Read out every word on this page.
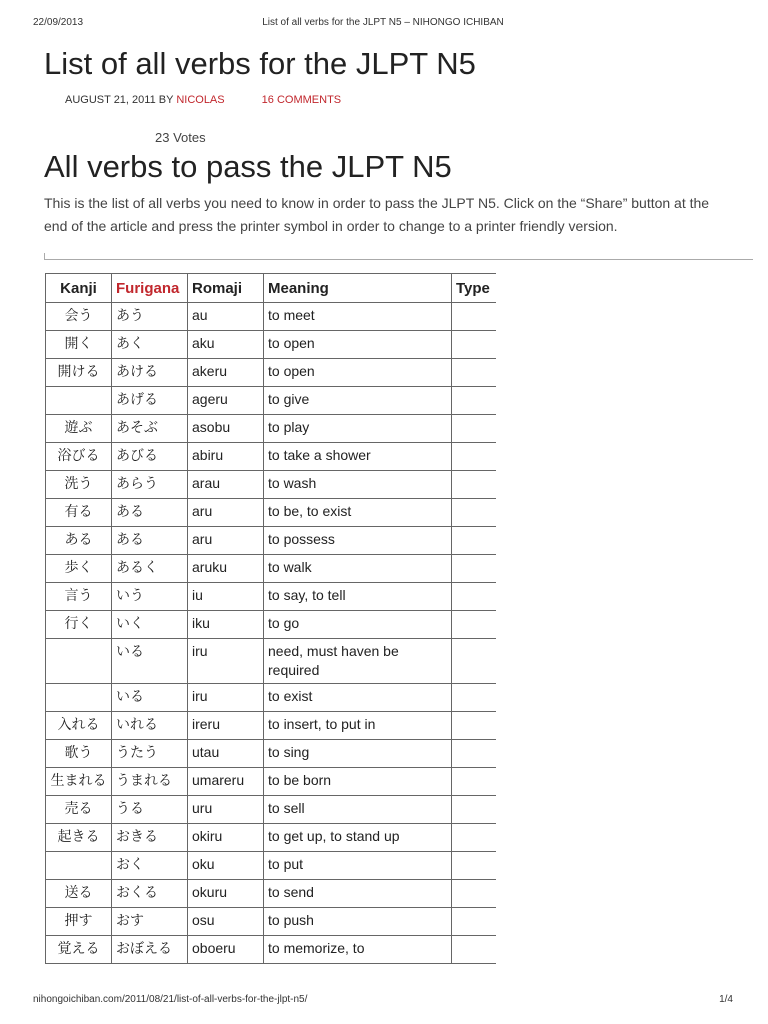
22/09/2013	List of all verbs for the JLPT N5 – NIHONGO ICHIBAN
List of all verbs for the JLPT N5
AUGUST 21, 2011 BY NICOLAS	16 COMMENTS
23 Votes
All verbs to pass the JLPT N5

This is the list of all verbs you need to know in order to pass the JLPT N5. Click on the “Share” button at the end of the article and press the printer symbol in order to change to a printer friendly version.

Kanji	Furigana	Romaji	Meaning	Type
会う	あう	au	to meet	
開く	あく	aku	to open	
開ける	あける	akeru	to open	
	あげる	ageru	to give	
遊ぶ	あそぶ	asobu	to play	
浴びる	あびる	abiru	to take a shower	
洗う	あらう	arau	to wash	
有る	ある	aru	to be, to exist	
ある	ある	aru	to possess	
歩く	あるく	aruku	to walk	
言う	いう	iu	to say, to tell	
行く	いく	iku	to go	
	いる	iru	need, must haven be required	
	いる	iru	to exist	
入れる	いれる	ireru	to insert, to put in	
歌う	うたう	utau	to sing	
生まれる	うまれる	umareru	to be born	
売る	うる	uru	to sell	
起きる	おきる	okiru	to get up, to stand up	
	おく	oku	to put	
送る	おくる	okuru	to send	
押す	おす	osu	to push	
覚える	おぼえる	oboeru	to memorize, to	
nihongoichiban.com/2011/08/21/list-of-all-verbs-for-the-jlpt-n5/	1/4
